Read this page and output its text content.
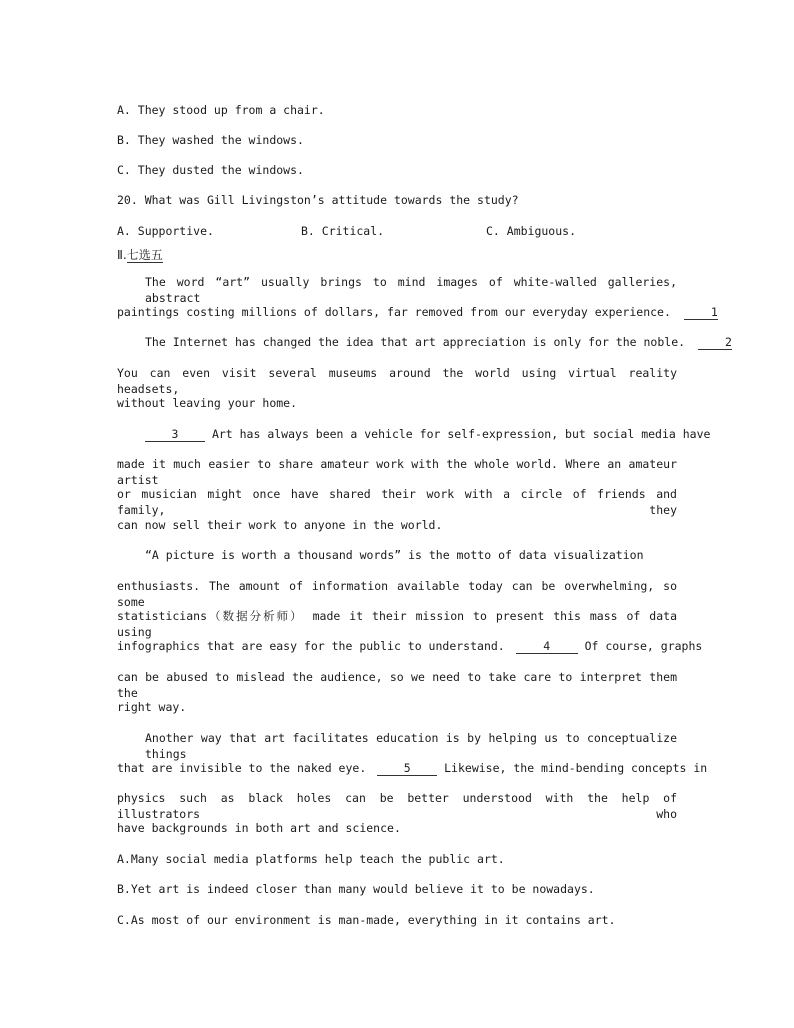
A. They stood up from a chair.
B. They washed the windows.
C. They dusted the windows.
20. What was Gill Livingston’s attitude towards the study?
A. Supportive.	B. Critical.	C. Ambiguous.
Ⅱ.七选五
The word “art” usually brings to mind images of white-walled galleries, abstract
paintings costing millions of dollars, far removed from our everyday experience.	1
The Internet has changed the idea that art appreciation is only for the noble.	2
You can even visit several museums around the world using virtual reality headsets,
without leaving your home.
3	Art has always been a vehicle for self-expression, but social media have
made it much easier to share amateur work with the whole world. Where an amateur artist
or musician might once have shared their work with a circle of friends and family, they
can now sell their work to anyone in the world.
“A picture is worth a thousand words” is the motto of data visualization
enthusiasts. The amount of information available today can be overwhelming, so some
statisticians（数据分析师） made it their mission to present this mass of data using
infographics that are easy for the public to understand.	4	Of course, graphs
can be abused to mislead the audience, so we need to take care to interpret them the
right way.
Another way that art facilitates education is by helping us to conceptualize things
that are invisible to the naked eye.	5	Likewise, the mind-bending concepts in
physics such as black holes can be better understood with the help of illustrators who
have backgrounds in both art and science.
A.Many social media platforms help teach the public art.
B.Yet art is indeed closer than many would believe it to be nowadays.
C.As most of our environment is man-made, everything in it contains art.
